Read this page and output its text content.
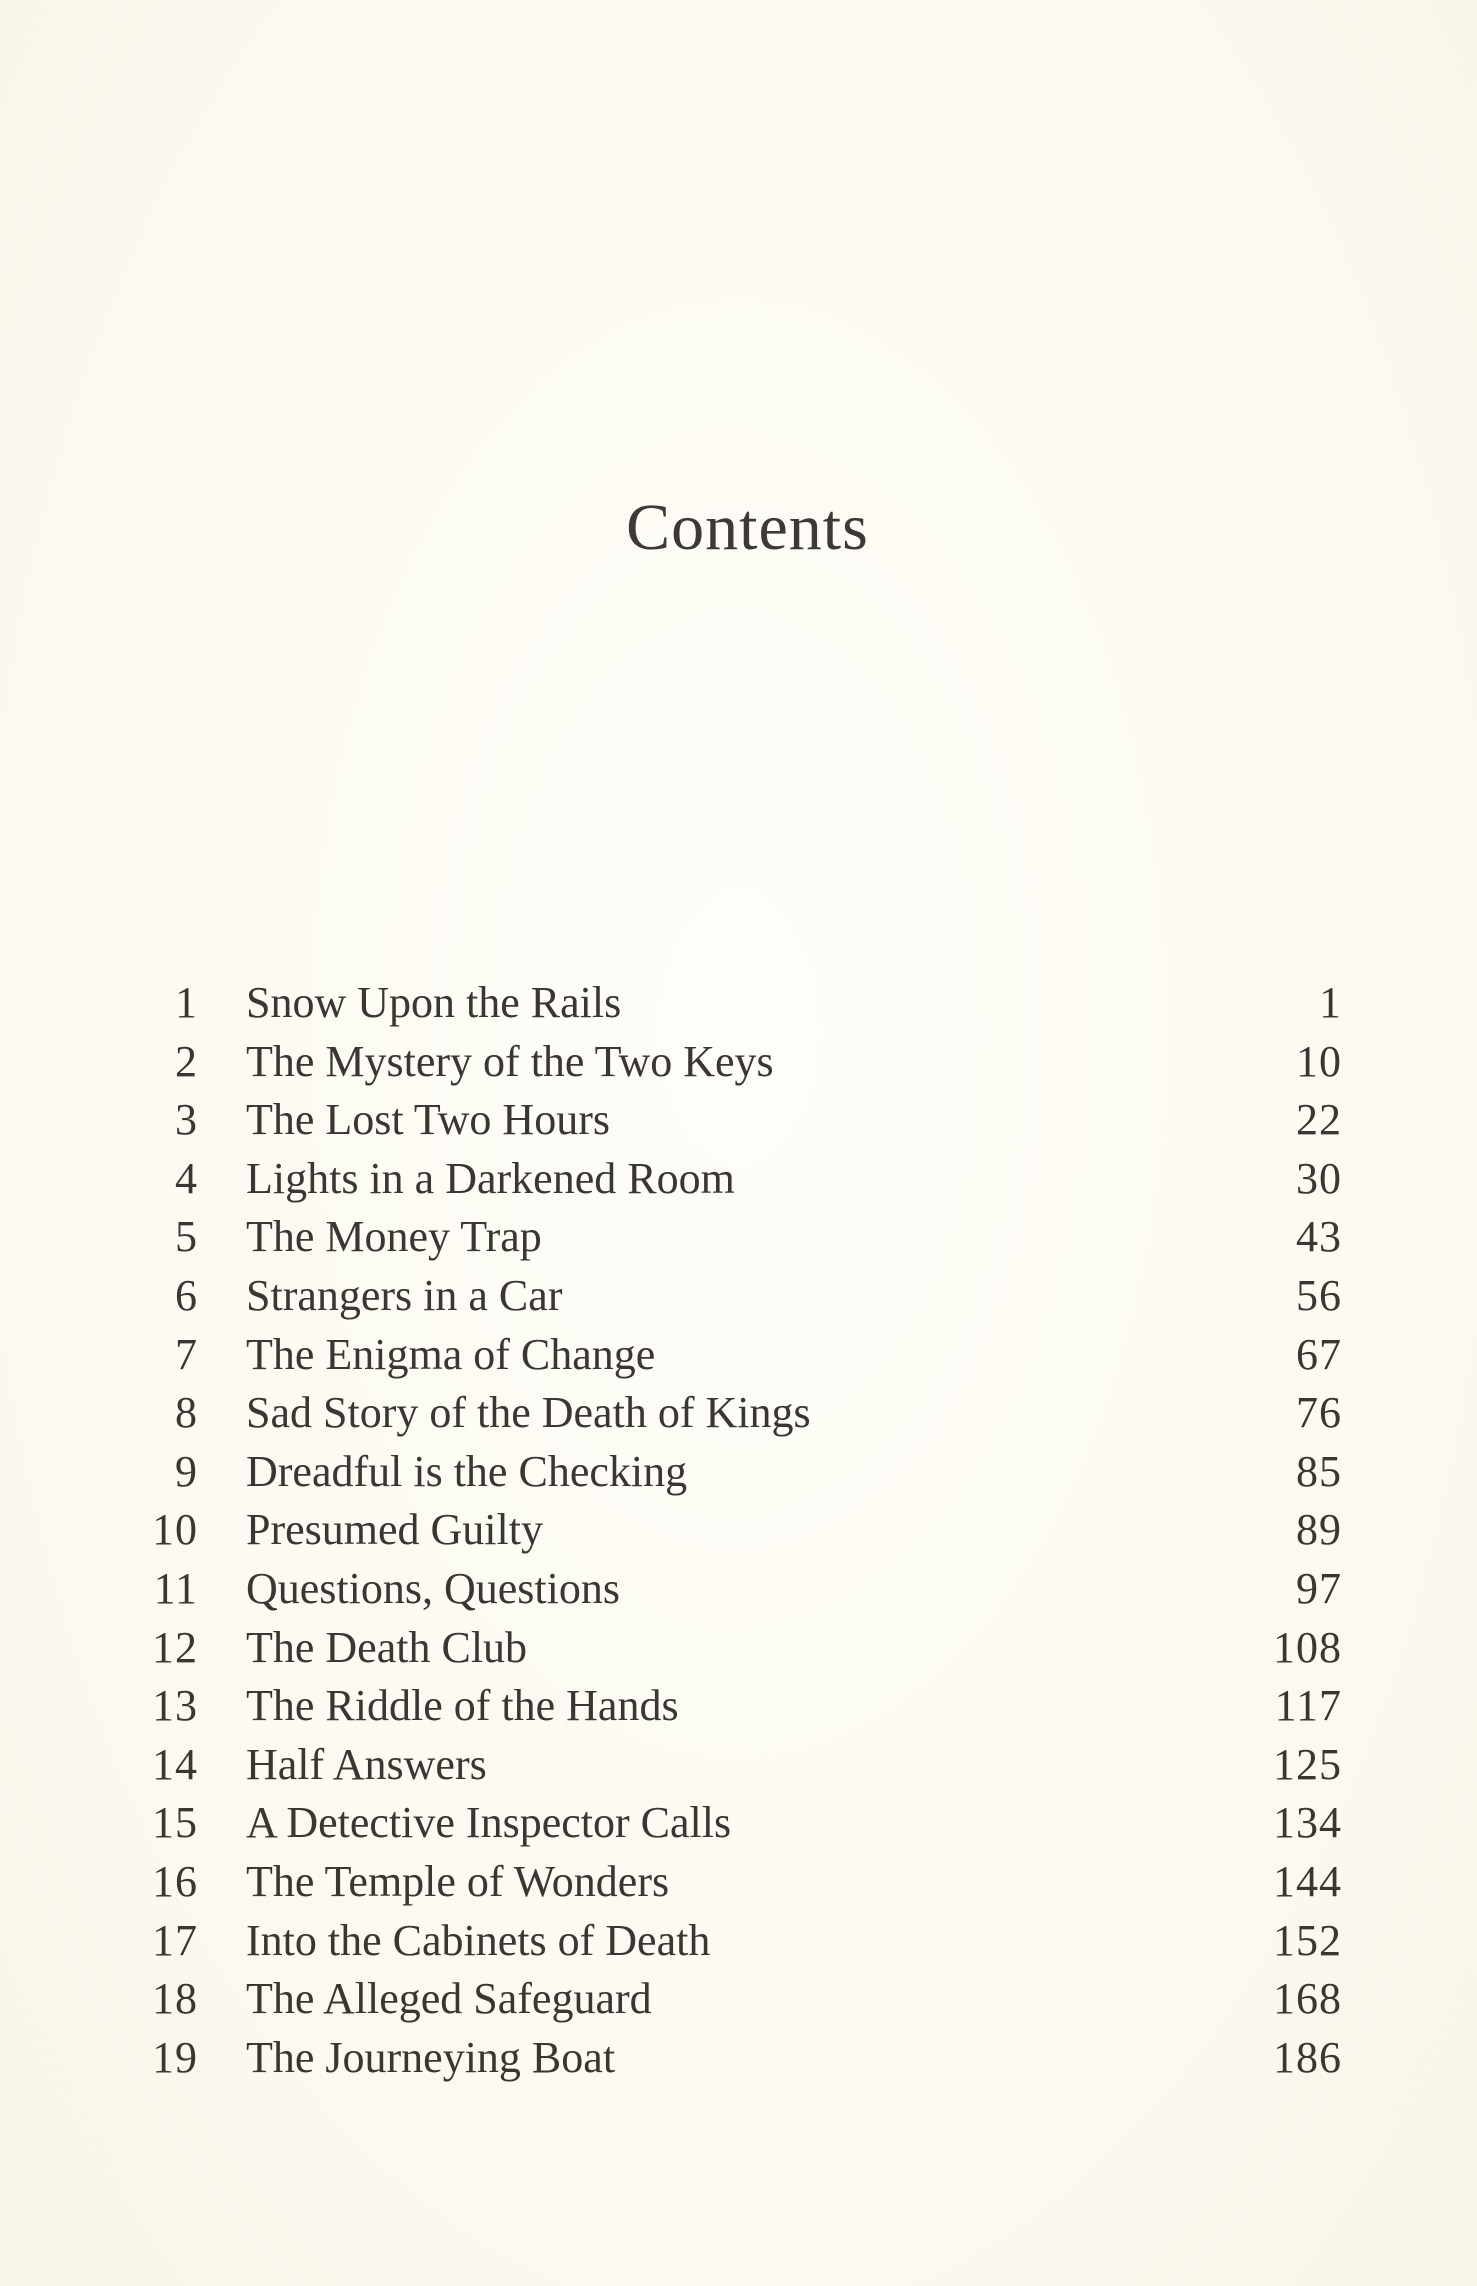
Contents
1 Snow Upon the Rails	1
2 The Mystery of the Two Keys	10
3 The Lost Two Hours	22
4 Lights in a Darkened Room	30
5 The Money Trap	43
6 Strangers in a Car	56
7 The Enigma of Change	67
8 Sad Story of the Death of Kings	76
9 Dreadful is the Checking	85
10 Presumed Guilty	89
11 Questions, Questions	97
12 The Death Club	108
13 The Riddle of the Hands	117
14 Half Answers	125
15 A Detective Inspector Calls	134
16 The Temple of Wonders	144
17 Into the Cabinets of Death	152
18 The Alleged Safeguard	168
19 The Journeying Boat	186
